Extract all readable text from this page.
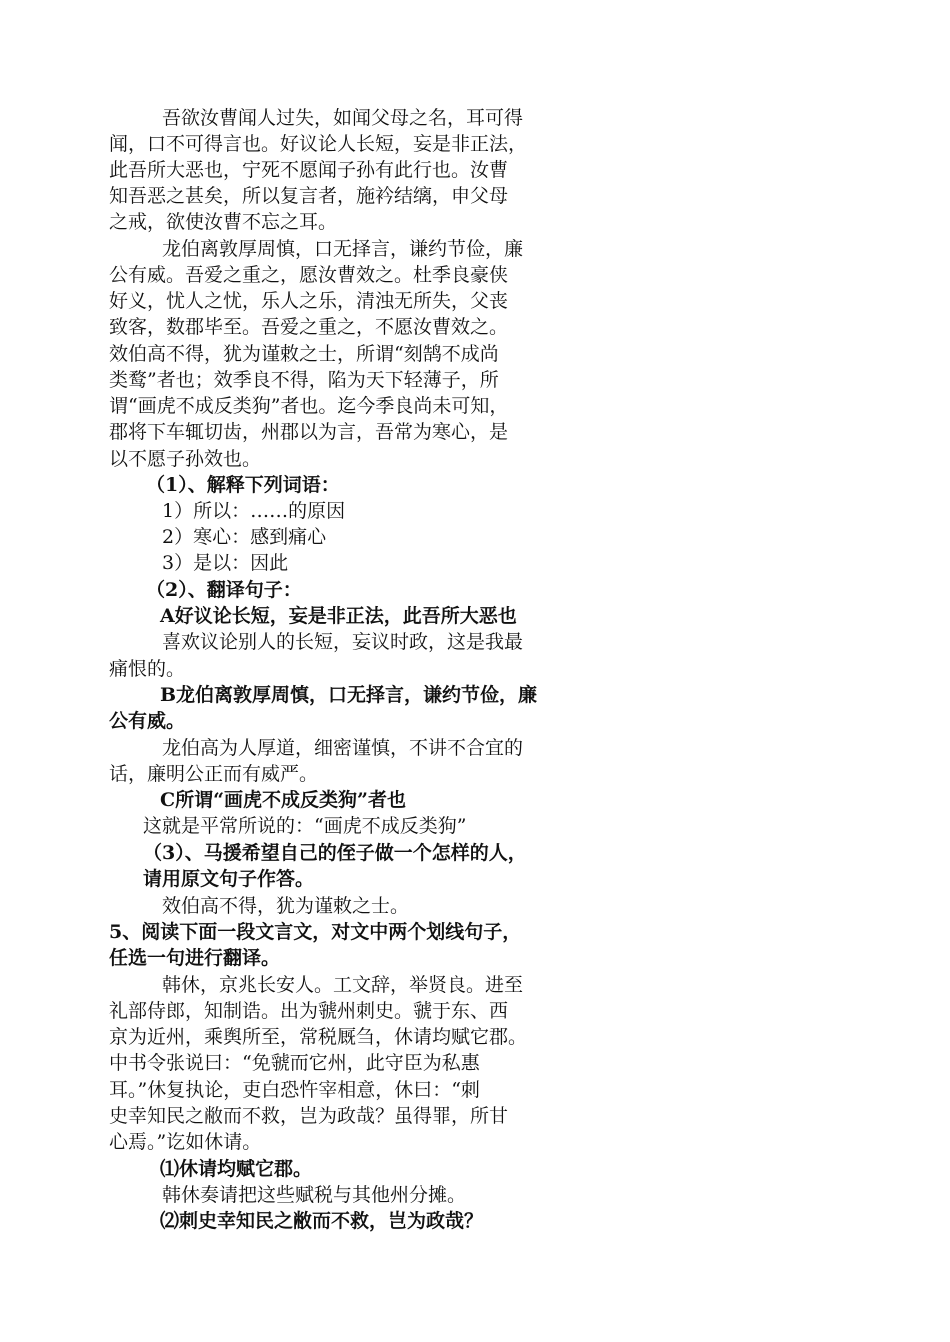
吾欲汝曹闻人过失，如闻父母之名，耳可得
闻，口不可得言也。好议论人长短，妄是非正法，
此吾所大恶也，宁死不愿闻子孙有此行也。汝曹
知吾恶之甚矣，所以复言者，施衿结缡，申父母
之戒，欲使汝曹不忘之耳。
龙伯离敦厚周慎，口无择言，谦约节俭，廉
公有威。吾爱之重之，愿汝曹效之。杜季良豪侠
好义，忧人之忧，乐人之乐，清浊无所失，父丧
致客，数郡毕至。吾爱之重之，不愿汝曹效之。
效伯高不得，犹为谨敕之士，所谓“刻鹄不成尚
类鹜”者也；效季良不得，陷为天下轻薄子，所
谓“画虎不成反类狗”者也。迄今季良尚未可知，
郡将下车辄切齿，州郡以为言，吾常为寒心，是
以不愿子孙效也。
（1）、解释下列词语：
1）所以：……的原因
2）寒心：感到痛心
3）是以：因此
（2）、翻译句子：
A好议论长短，妄是非正法，此吾所大恶也
喜欢议论别人的长短，妄议时政，这是我最
痛恨的。
B龙伯离敦厚周慎，口无择言，谦约节俭，廉
公有威。
龙伯高为人厚道，细密谨慎，不讲不合宜的
话，廉明公正而有威严。
C所谓“画虎不成反类狗”者也
这就是平常所说的：“画虎不成反类狗”
（3）、马援希望自己的侄子做一个怎样的人，
请用原文句子作答。
效伯高不得，犹为谨敕之士。
5、阅读下面一段文言文，对文中两个划线句子，
任选一句进行翻译。
韩休，京兆长安人。工文辞，举贤良。进至
礼部侍郎，知制诰。出为虢州刺史。虢于东、西
京为近州，乘舆所至，常税厩刍，休请均赋它郡。
中书令张说曰：“免虢而它州，此守臣为私惠
耳。”休复执论，吏白恐忤宰相意，休曰：“刺
史幸知民之敝而不救，岂为政哉？虽得罪，所甘
心焉。”讫如休请。
⑴休请均赋它郡。
韩休奏请把这些赋税与其他州分摊。
⑵刺史幸知民之敝而不救，岂为政哉？
